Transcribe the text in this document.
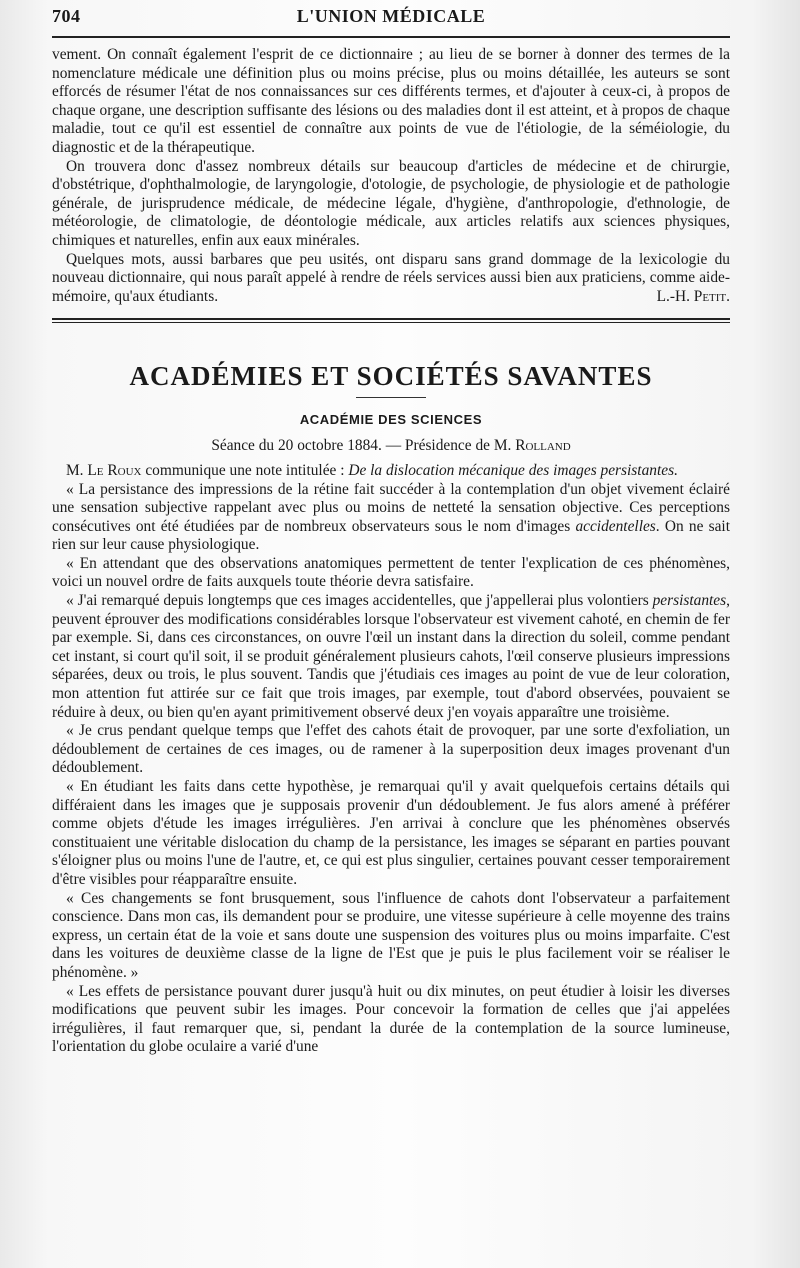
704	L'UNION MÉDICALE

vement. On connaît également l'esprit de ce dictionnaire ; au lieu de se borner à donner des termes de la nomenclature médicale une définition plus ou moins précise, plus ou moins détaillée, les auteurs se sont efforcés de résumer l'état de nos connaissances sur ces différents termes, et d'ajouter à ceux-ci, à propos de chaque organe, une description suffisante des lésions ou des maladies dont il est atteint, et à propos de chaque maladie, tout ce qu'il est essentiel de connaître aux points de vue de l'étiologie, de la séméiologie, du diagnostic et de la thérapeutique.

On trouvera donc d'assez nombreux détails sur beaucoup d'articles de médecine et de chirurgie, d'obstétrique, d'ophthalmologie, de laryngologie, d'otologie, de psychologie, de physiologie et de pathologie générale, de jurisprudence médicale, de médecine légale, d'hygiène, d'anthropologie, d'ethnologie, de météorologie, de climatologie, de déontologie médicale, aux articles relatifs aux sciences physiques, chimiques et naturelles, enfin aux eaux minérales.

Quelques mots, aussi barbares que peu usités, ont disparu sans grand dommage de la lexicologie du nouveau dictionnaire, qui nous paraît appelé à rendre de réels services aussi bien aux praticiens, comme aide-mémoire, qu'aux étudiants.	L.-H. Petit.

ACADÉMIES ET SOCIÉTÉS SAVANTES
ACADÉMIE DES SCIENCES
Séance du 20 octobre 1884. — Présidence de M. Rolland

M. Le Roux communique une note intitulée : De la dislocation mécanique des images persistantes.

« La persistance des impressions de la rétine fait succéder à la contemplation d'un objet vivement éclairé une sensation subjective rappelant avec plus ou moins de netteté la sensation objective. Ces perceptions consécutives ont été étudiées par de nombreux observateurs sous le nom d'images accidentelles. On ne sait rien sur leur cause physiologique.

« En attendant que des observations anatomiques permettent de tenter l'explication de ces phénomènes, voici un nouvel ordre de faits auxquels toute théorie devra satisfaire.

« J'ai remarqué depuis longtemps que ces images accidentelles, que j'appellerai plus volontiers persistantes, peuvent éprouver des modifications considérables lorsque l'observateur est vivement cahoté, en chemin de fer par exemple. Si, dans ces circonstances, on ouvre l'œil un instant dans la direction du soleil, comme pendant cet instant, si court qu'il soit, il se produit généralement plusieurs cahots, l'œil conserve plusieurs impressions séparées, deux ou trois, le plus souvent. Tandis que j'étudiais ces images au point de vue de leur coloration, mon attention fut attirée sur ce fait que trois images, par exemple, tout d'abord observées, pouvaient se réduire à deux, ou bien qu'en ayant primitivement observé deux j'en voyais apparaître une troisième.

« Je crus pendant quelque temps que l'effet des cahots était de provoquer, par une sorte d'exfoliation, un dédoublement de certaines de ces images, ou de ramener à la superposition deux images provenant d'un dédoublement.

« En étudiant les faits dans cette hypothèse, je remarquai qu'il y avait quelquefois certains détails qui différaient dans les images que je supposais provenir d'un dédoublement. Je fus alors amené à préférer comme objets d'étude les images irrégulières. J'en arrivai à conclure que les phénomènes observés constituaient une véritable dislocation du champ de la persistance, les images se séparant en parties pouvant s'éloigner plus ou moins l'une de l'autre, et, ce qui est plus singulier, certaines pouvant cesser temporairement d'être visibles pour réapparaître ensuite.

« Ces changements se font brusquement, sous l'influence de cahots dont l'observateur a parfaitement conscience. Dans mon cas, ils demandent pour se produire, une vitesse supérieure à celle moyenne des trains express, un certain état de la voie et sans doute une suspension des voitures plus ou moins imparfaite. C'est dans les voitures de deuxième classe de la ligne de l'Est que je puis le plus facilement voir se réaliser le phénomène. »

« Les effets de persistance pouvant durer jusqu'à huit ou dix minutes, on peut étudier à loisir les diverses modifications que peuvent subir les images. Pour concevoir la formation de celles que j'ai appelées irrégulières, il faut remarquer que, si, pendant la durée de la contemplation de la source lumineuse, l'orientation du globe oculaire a varié d'une
